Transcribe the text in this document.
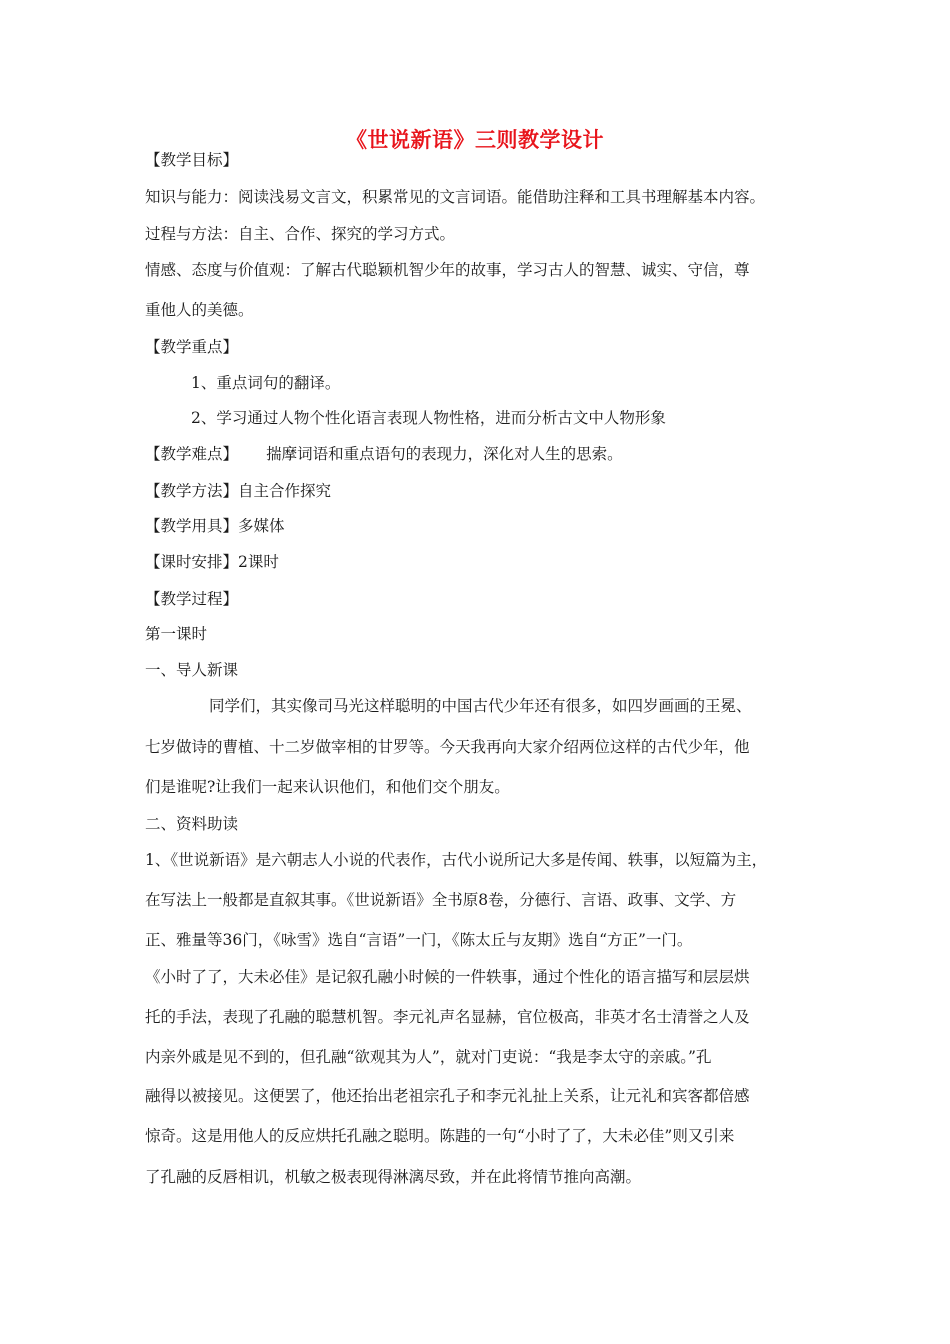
《世说新语》三则教学设计
【教学目标】
知识与能力：阅读浅易文言文，积累常见的文言词语。能借助注释和工具书理解基本内容。
过程与方法：自主、合作、探究的学习方式。
情感、态度与价值观：了解古代聪颖机智少年的故事，学习古人的智慧、诚实、守信，尊
重他人的美德。
【教学重点】
1、重点词句的翻译。
2、学习通过人物个性化语言表现人物性格，进而分析古文中人物形象
【教学难点】　　 揣摩词语和重点语句的表现力，深化对人生的思索。
【教学方法】自主合作探究
【教学用具】多媒体
【课时安排】2课时
【教学过程】
第一课时
一、导人新课
同学们，其实像司马光这样聪明的中国古代少年还有很多，如四岁画画的王冕、
七岁做诗的曹植、十二岁做宰相的甘罗等。今天我再向大家介绍两位这样的古代少年，他
们是谁呢?让我们一起来认识他们，和他们交个朋友。
二、资料助读
1、《世说新语》是六朝志人小说的代表作，古代小说所记大多是传闻、轶事，以短篇为主，
在写法上一般都是直叙其事。《世说新语》全书原8卷，分德行、言语、政事、文学、方
正、雅量等36门，《咏雪》选自“言语”一门，《陈太丘与友期》选自“方正”一门。
《小时了了，大未必佳》是记叙孔融小时候的一件轶事，通过个性化的语言描写和层层烘
托的手法，表现了孔融的聪慧机智。李元礼声名显赫，官位极高，非英才名士清誉之人及
内亲外戚是见不到的，但孔融“欲观其为人”，就对门吏说：“我是李太守的亲戚。”孔
融得以被接见。这便罢了，他还抬出老祖宗孔子和李元礼扯上关系，让元礼和宾客都倍感
惊奇。这是用他人的反应烘托孔融之聪明。陈韪的一句“小时了了，大未必佳”则又引来
了孔融的反唇相讥，机敏之极表现得淋漓尽致，并在此将情节推向高潮。
